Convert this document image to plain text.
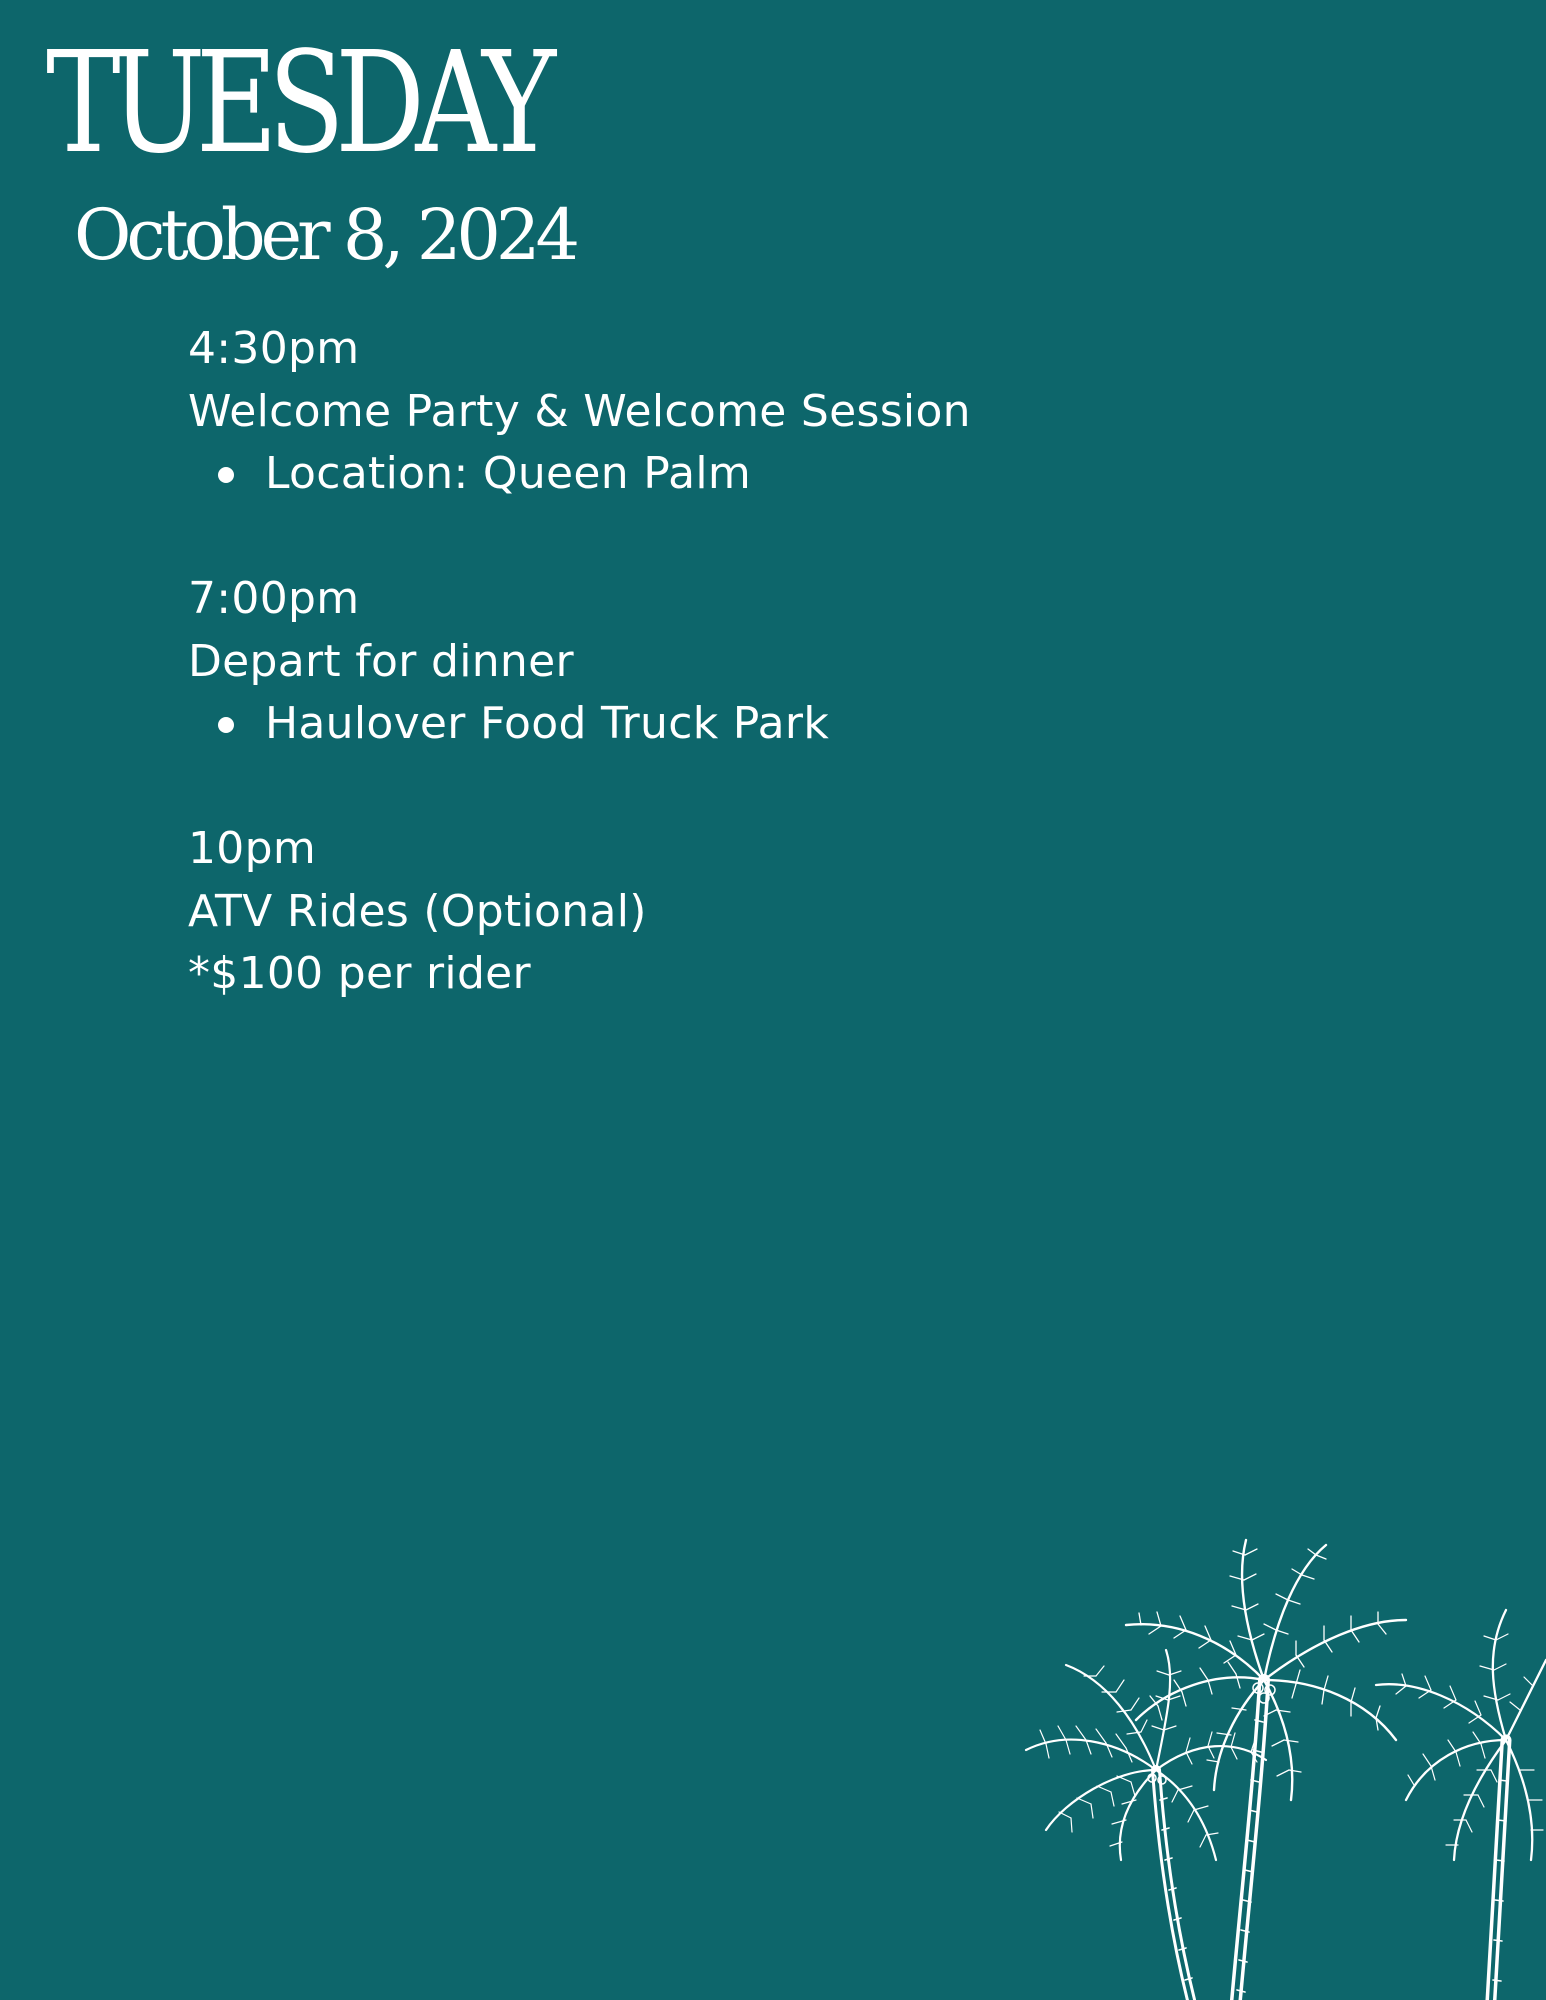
TUESDAY
October 8, 2024
4:30pm
Welcome Party & Welcome Session
Location: Queen Palm
7:00pm
Depart for dinner
Haulover Food Truck Park
10pm
ATV Rides (Optional)
*$100 per rider
